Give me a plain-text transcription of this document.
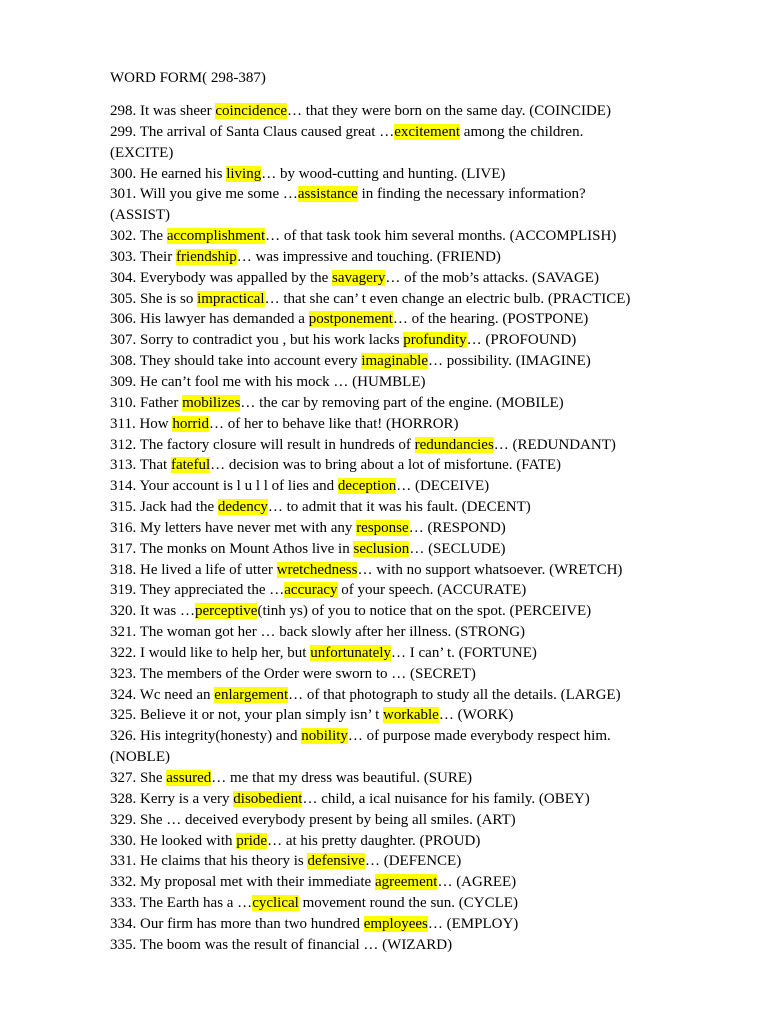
WORD FORM( 298-387)
298. It was sheer coincidence… that they were born on the same day. (COINCIDE)
299. The arrival of Santa Claus caused great …excitement among the children.
(EXCITE)
300. He earned his living… by wood-cutting and hunting. (LIVE)
301. Will you give me some …assistance in finding the necessary information?
(ASSIST)
302. The accomplishment… of that task took him several months. (ACCOMPLISH)
303. Their friendship… was impressive and touching. (FRIEND)
304. Everybody was appalled by the savagery… of the mob’s attacks. (SAVAGE)
305. She is so impractical… that she can’ t even change an electric bulb. (PRACTICE)
306. His lawyer has demanded a postponement… of the hearing. (POSTPONE)
307. Sorry to contradict you , but his work lacks profundity… (PROFOUND)
308. They should take into account every imaginable… possibility. (IMAGINE)
309. He can’t fool me with his mock … (HUMBLE)
310. Father mobilizes… the car by removing part of the engine. (MOBILE)
311. How horrid… of her to behave like that! (HORROR)
312. The factory closure will result in hundreds of redundancies… (REDUNDANT)
313. That fateful… decision was to bring about a lot of misfortune. (FATE)
314. Your account is l u l l of lies and deception… (DECEIVE)
315. Jack had the dedency… to admit that it was his fault. (DECENT)
316. My letters have never met with any response… (RESPOND)
317. The monks on Mount Athos live in seclusion… (SECLUDE)
318. He lived a life of utter wretchedness… with no support whatsoever. (WRETCH)
319. They appreciated the …accuracy of your speech. (ACCURATE)
320. It was …perceptive(tinh ys) of you to notice that on the spot. (PERCEIVE)
321. The woman got her … back slowly after her illness. (STRONG)
322. I would like to help her, but unfortunately… I can’ t. (FORTUNE)
323. The members of the Order were sworn to … (SECRET)
324. Wc need an enlargement… of that photograph to study all the details. (LARGE)
325. Believe it or not, your plan simply isn’ t workable… (WORK)
326. His integrity(honesty) and nobility… of purpose made everybody respect him.
(NOBLE)
327. She assured… me that my dress was beautiful. (SURE)
328. Kerry is a very disobedient… child, a ical nuisance for his family. (OBEY)
329. She … deceived everybody present by being all smiles. (ART)
330. He looked with pride… at his pretty daughter. (PROUD)
331. He claims that his theory is defensive… (DEFENCE)
332. My proposal met with their immediate agreement… (AGREE)
333. The Earth has a …cyclical movement round the sun. (CYCLE)
334. Our firm has more than two hundred employees… (EMPLOY)
335. The boom was the result of financial … (WIZARD)
